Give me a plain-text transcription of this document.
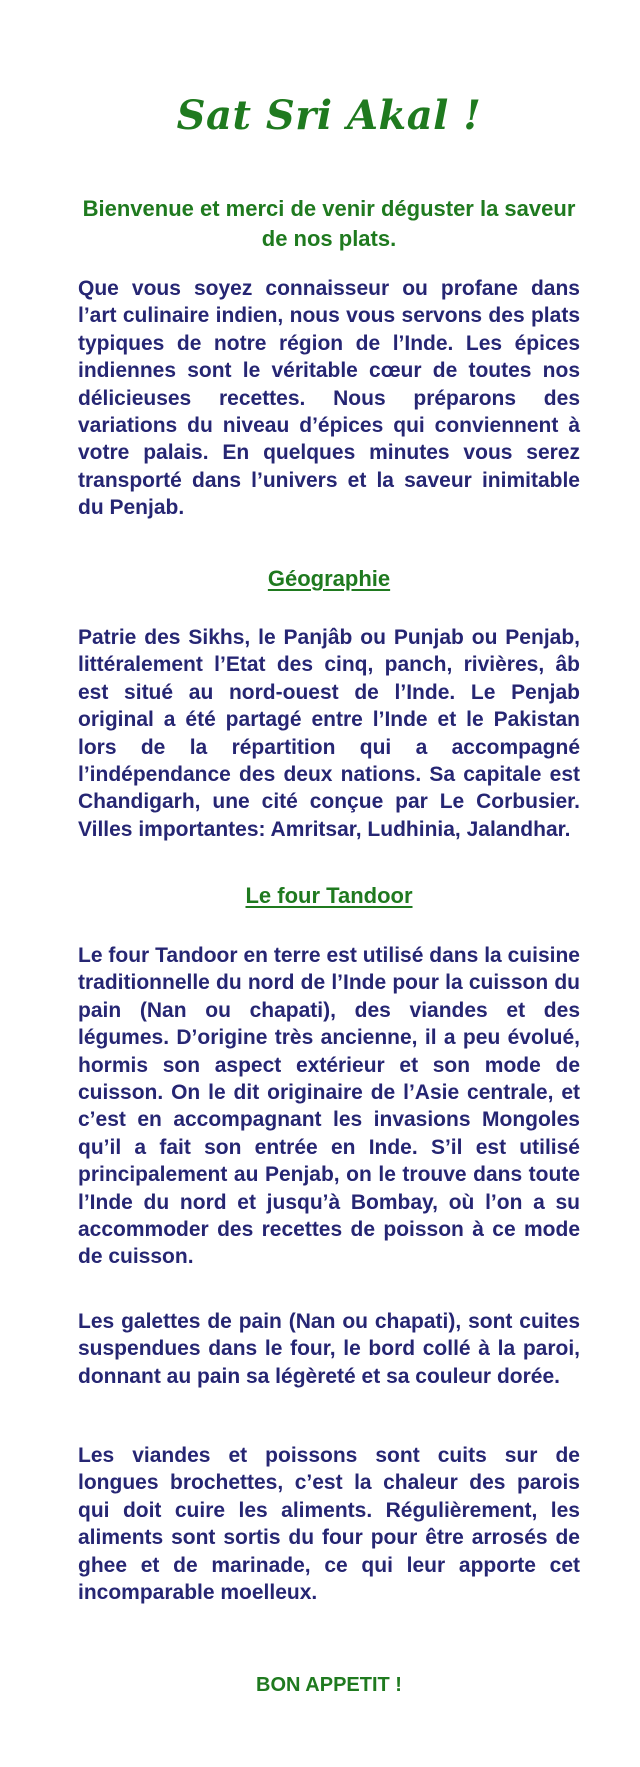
Sat Sri Akal !
Bienvenue et merci de venir déguster la saveur de nos plats.

Que vous soyez connaisseur ou profane dans l’art culinaire indien, nous vous servons des plats typiques de notre région de l’Inde. Les épices indiennes sont le véritable cœur de toutes nos délicieuses recettes. Nous préparons des variations du niveau d’épices qui conviennent à votre palais. En quelques minutes vous serez transporté dans l’univers et la saveur inimitable du Penjab.

Géographie

Patrie des Sikhs, le Panjâb ou Punjab ou Penjab, littéralement l’Etat des cinq, panch, rivières, âb est situé au nord-ouest de l’Inde. Le Penjab original a été partagé entre l’Inde et le Pakistan lors de la répartition qui a accompagné l’indépendance des deux nations. Sa capitale est Chandigarh, une cité conçue par Le Corbusier. Villes importantes: Amritsar, Ludhinia, Jalandhar.

Le four Tandoor

Le four Tandoor en terre est utilisé dans la cuisine traditionnelle du nord de l’Inde pour la cuisson du pain (Nan ou chapati), des viandes et des légumes. D’origine très ancienne, il a peu évolué, hormis son aspect extérieur et son mode de cuisson. On le dit originaire de l’Asie centrale, et c’est en accompagnant les invasions Mongoles qu’il a fait son entrée en Inde. S’il est utilisé principalement au Penjab, on le trouve dans toute l’Inde du nord et jusqu’à Bombay, où l’on a su accommoder des recettes de poisson à ce mode de cuisson.

Les galettes de pain (Nan ou chapati), sont cuites suspendues dans le four, le bord collé à la paroi, donnant au pain sa légèreté et sa couleur dorée.

Les viandes et poissons sont cuits sur de longues brochettes, c’est la chaleur des parois qui doit cuire les aliments. Régulièrement, les aliments sont sortis du four pour être arrosés de ghee et de marinade, ce qui leur apporte cet incomparable moelleux.

BON APPETIT !
